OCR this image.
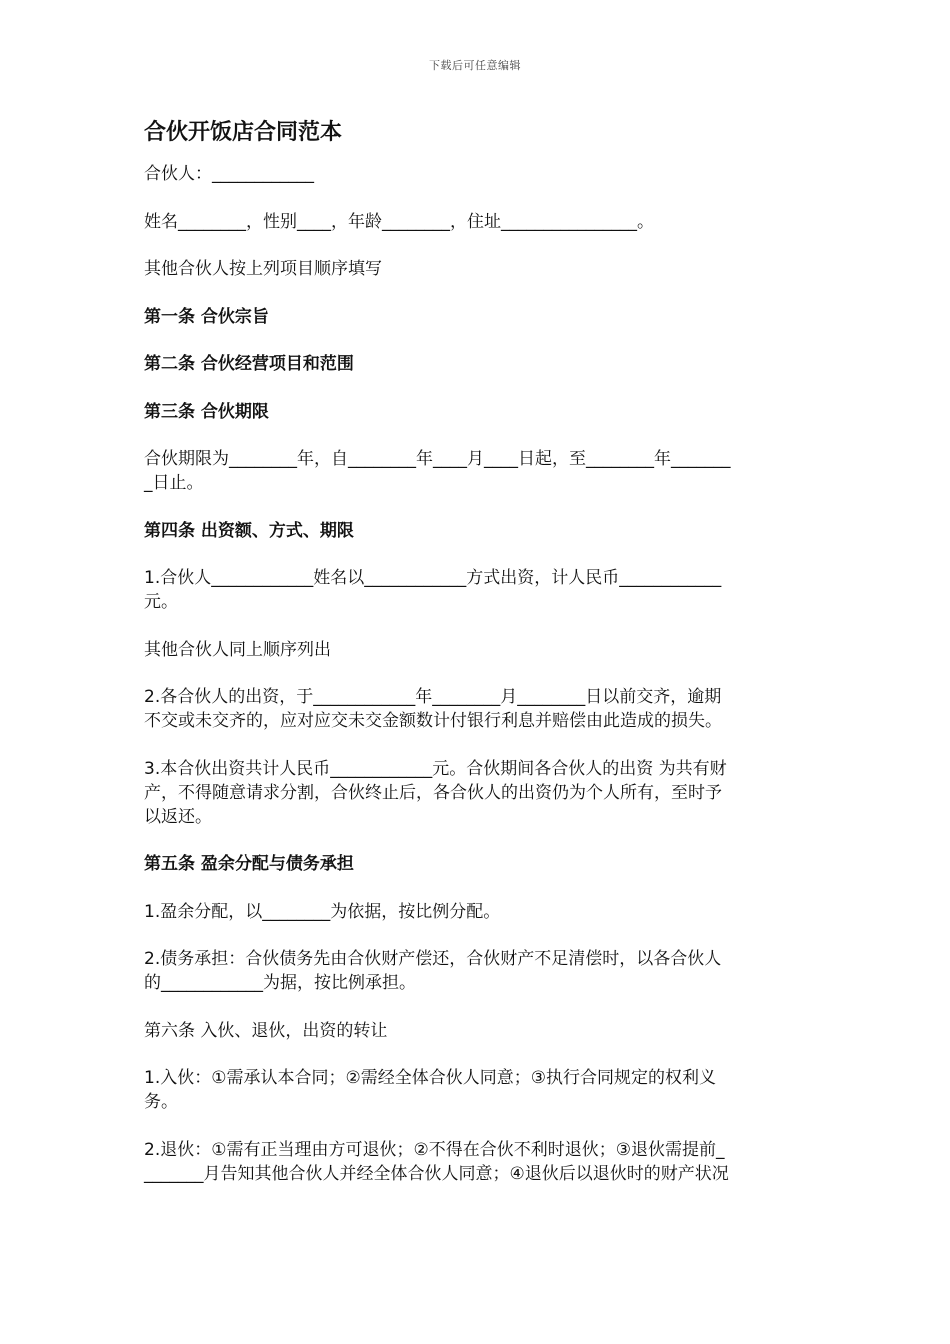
下载后可任意编辑
合伙开饭店合同范本
合伙人：____________
姓名________，性别____，年龄________，住址________________。
其他合伙人按上列项目顺序填写
第一条 合伙宗旨
第二条 合伙经营项目和范围
第三条 合伙期限
合伙期限为________年，自________年____月____日起，至________年_______
_日止。
第四条 出资额、方式、期限
1.合伙人____________姓名以____________方式出资，计人民币____________
元。
其他合伙人同上顺序列出
2.各合伙人的出资，于____________年________月________日以前交齐，逾期
不交或未交齐的，应对应交未交金额数计付银行利息并赔偿由此造成的损失。
3.本合伙出资共计人民币____________元。合伙期间各合伙人的出资 为共有财
产，不得随意请求分割，合伙终止后，各合伙人的出资仍为个人所有，至时予
以返还。
第五条 盈余分配与债务承担
1.盈余分配，以________为依据，按比例分配。
2.债务承担：合伙债务先由合伙财产偿还，合伙财产不足清偿时，以各合伙人
的____________为据，按比例承担。
第六条 入伙、退伙，出资的转让
1.入伙：①需承认本合同；②需经全体合伙人同意；③执行合同规定的权利义
务。
2.退伙：①需有正当理由方可退伙；②不得在合伙不利时退伙；③退伙需提前_
_______月告知其他合伙人并经全体合伙人同意；④退伙后以退伙时的财产状况
